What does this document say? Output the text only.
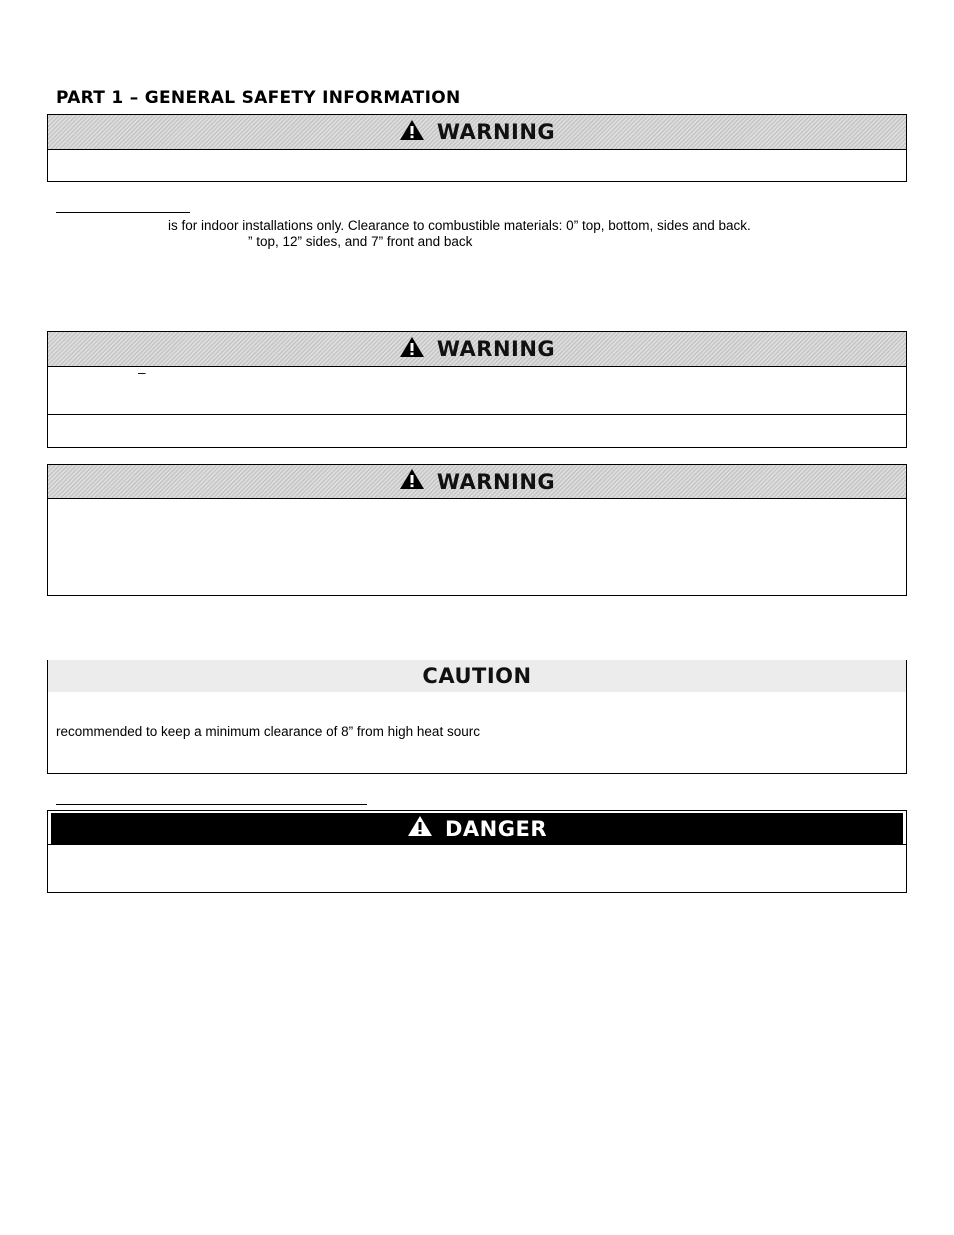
PART 1 – GENERAL SAFETY INFORMATION
WARNING
is for indoor installations only. Clearance to combustible materials: 0” top, bottom, sides and back.
” top, 12” sides, and 7” front and back
WARNING
–
WARNING
CAUTION
recommended to keep a minimum clearance of 8” from high heat sourc
DANGER
